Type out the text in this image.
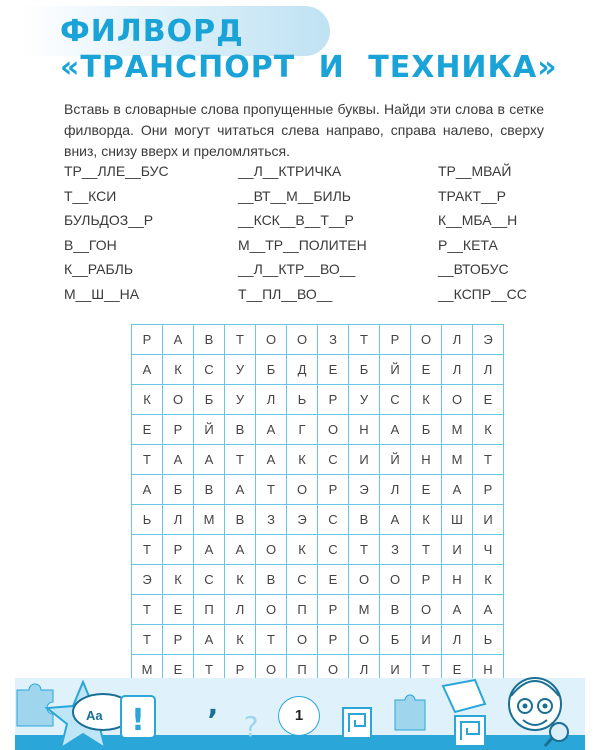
ФИЛВОРД
«ТРАНСПОРТ И ТЕХНИКА»

Вставь в словарные слова пропущенные буквы. Найди эти слова в сетке филворда. Они могут читаться слева направо, справа налево, сверху вниз, снизу вверх и преломляться.

ТР__ЛЛЕ__БУС	__Л__КТРИЧКА	ТР__МВАЙ
Т__КСИ	__ВТ__М__БИЛЬ	ТРАКТ__Р
БУЛЬДОЗ__Р	__КСК__В__Т__Р	К__МБА__Н
В__ГОН	М__ТР__ПОЛИТЕН	Р__КЕТА
К__РАБЛЬ	__Л__КТР__ВО__	__ВТОБУС
М__Ш__НА	Т__ПЛ__ВО__	__КСПР__СС
Р	А	В	Т	О	О	З	Т	Р	О	Л	Э
А	К	С	У	Б	Д	Е	Б	Й	Е	Л	Л
К	О	Б	У	Л	Ь	Р	У	С	К	О	Е
Е	Р	Й	В	А	Г	О	Н	А	Б	М	К
Т	А	А	Т	А	К	С	И	Й	Н	М	Т
А	Б	В	А	Т	О	Р	Э	Л	Е	А	Р
Ь	Л	М	В	З	Э	С	В	А	К	Ш	И
Т	Р	А	А	О	К	С	Т	З	Т	И	Ч
Э	К	С	К	В	С	Е	О	О	Р	Н	К
Т	Е	П	Л	О	П	Р	М	В	О	А	А
Т	Р	А	К	Т	О	Р	О	Б	И	Л	Ь
М	Е	Т	Р	О	П	О	Л	И	Т	Е	Н
! ,
?
Aa	1
